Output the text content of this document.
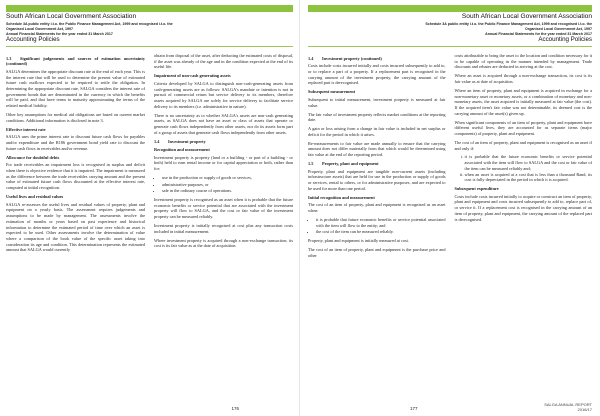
South African Local Government Association
Schedule 3A public entity i.t.o. the Public Finance Management Act, 1999 and recognised i.t.o. the
Organised Local Government Act, 1997
Annual Financial Statements for the year ended 31 March 2017
Accounting Policies
1.3 Significant judgements and sources of estimation uncertainty (continued)

SALGA determines the appropriate discount rate at the end of each year. This is the interest rate that will be used to determine the present value of estimated future cash outflows expected to be required to settle the obligation. In determining the appropriate discount rate, SALGA considers the interest rate of government bonds that are denominated in the currency in which the benefits will be paid, and that have terms to maturity approximating the terms of the related medical liability.

Other key assumptions for medical aid obligations are based on current market conditions. Additional information is disclosed in note 3.

Effective interest rate

SALGA uses the prime interest rate to discount future cash flows for payables and/or expenditure and the R186 government bond yield rate to discount the future cash flows in receivables and/or revenue.

Allowance for doubtful debts

For trade receivables an impairment loss is recognised in surplus and deficit when there is objective evidence that it is impaired. The impairment is measured as the difference between the trade receivables carrying amount and the present value of estimated future cash flows discounted at the effective interest rate, computed at initial recognition.

Useful lives and residual values

SALGA re-assesses the useful lives and residual values of property, plant and equipment on a yearly basis. The assessment requires judgements and assumptions to be made by management. The assessments involve the estimation of months or years based on past experience and historical information to determine the estimated period of time over which an asset is expected to be used. Other assessments involve the determination of value where a comparison of the book value of the specific asset taking into consideration its age and condition. This determination represents the estimated amount that SALGA would currently

obtain from disposal of the asset, after deducting the estimated costs of disposal, if the asset was already of the age and in the condition expected at the end of its useful life.

Impairment of non-cash generating assets

Criteria developed by SALGA to distinguish non-cash-generating assets from cash-generating assets are as follows: SALGA's mandate or intention is not in pursuit of commercial return but service delivery to its members, therefore assets acquired by SALGA are solely for service delivery to facilitate service delivery to its members (i.e. administrative in nature).

There is no uncertainty as to whether SALGA's assets are non-cash generating assets, as SALGA does not have an asset or class of assets that operate or generate cash flows independently from other assets, nor do its assets form part of a group of assets that generate cash flows independently from other assets.

1.4 Investment property
Recognition and measurement

Investment property is property (land or a building - or part of a building - or both) held to earn rental income or for capital appreciation or both, rather than for:

• use in the production or supply of goods or services,
• administrative purposes, or
• sale in the ordinary course of operations.

Investment property is recognised as an asset when it is probable that the future economic benefits or service potential that are associated with the investment property will flow to SALGA, and the cost or fair value of the investment property can be measured reliably.

Investment property is initially recognised at cost plus any transaction costs included in initial measurement.

Where investment property is acquired through a non-exchange transaction, its cost is its fair value as at the date of acquisition.

176
South African Local Government Association
Schedule 3A public entity i.t.o. the Public Finance Management Act, 1999 and recognised i.t.o. the
Organised Local Government Act, 1997
Annual Financial Statements for the year ended 31 March 2017
Accounting Policies
1.4 Investment property (continued)

Costs include costs incurred initially and costs incurred subsequently to add to, or to replace a part of a property. If a replacement part is recognised in the carrying amount of the investment property, the carrying amount of the replaced part is derecognised.

Subsequent measurement

Subsequent to initial measurement, investment property is measured at fair value.

The fair value of investment property reflects market conditions at the reporting date.

A gain or loss arising from a change in fair value is included in net surplus or deficit for the period in which it arises.

Re-measurements to fair value are made annually to ensure that the carrying amount does not differ materially from that which would be determined using fair value at the end of the reporting period.

1.5 Property, plant and equipment

Property, plant and equipment are tangible non-current assets (including infrastructure assets) that are held for use in the production or supply of goods or services, rental to others, or for administrative purposes, and are expected to be used for more than one period.

Initial recognition and measurement

The cost of an item of property, plant and equipment is recognised as an asset when:

• it is probable that future economic benefits or service potential associated with the item will flow to the entity; and
• the cost of the item can be measured reliably.

Property, plant and equipment is initially measured at cost.

The cost of an item of property, plant and equipment is the purchase price and other

costs attributable to bring the asset to the location and condition necessary for it to be capable of operating in the manner intended by management. Trade discounts and rebates are deducted in arriving at the cost.

Where an asset is acquired through a non-exchange transaction, its cost is its fair value as at date of acquisition.

Where an item of property, plant and equipment is acquired in exchange for a non-monetary asset or monetary assets, or a combination of monetary and non-monetary assets, the asset acquired is initially measured at fair value (the cost). If the acquired item's fair value was not determinable, its deemed cost is the carrying amount of the asset(s) given up.

When significant components of an item of property, plant and equipment have different useful lives, they are accounted for as separate items (major components) of property, plant and equipment.

The cost of an item of property, plant and equipment is recognised as an asset if and only if:

i. it is probable that the future economic benefits or service potential associated with the item will flow to SALGA and the cost or fair value of the item can be measured reliably and;
ii. when an asset is acquired at a cost that is less than a thousand Rand, its cost is fully depreciated in the period in which it is acquired.
Subsequent expenditure

Costs include costs incurred initially to acquire or construct an item of property, plant and equipment and costs incurred subsequently to add to, replace part of, or service it. If a replacement cost is recognised in the carrying amount of an item of property, plant and equipment, the carrying amount of the replaced part is derecognised.

177
SALGA ANNUAL REPORT
2016/17
